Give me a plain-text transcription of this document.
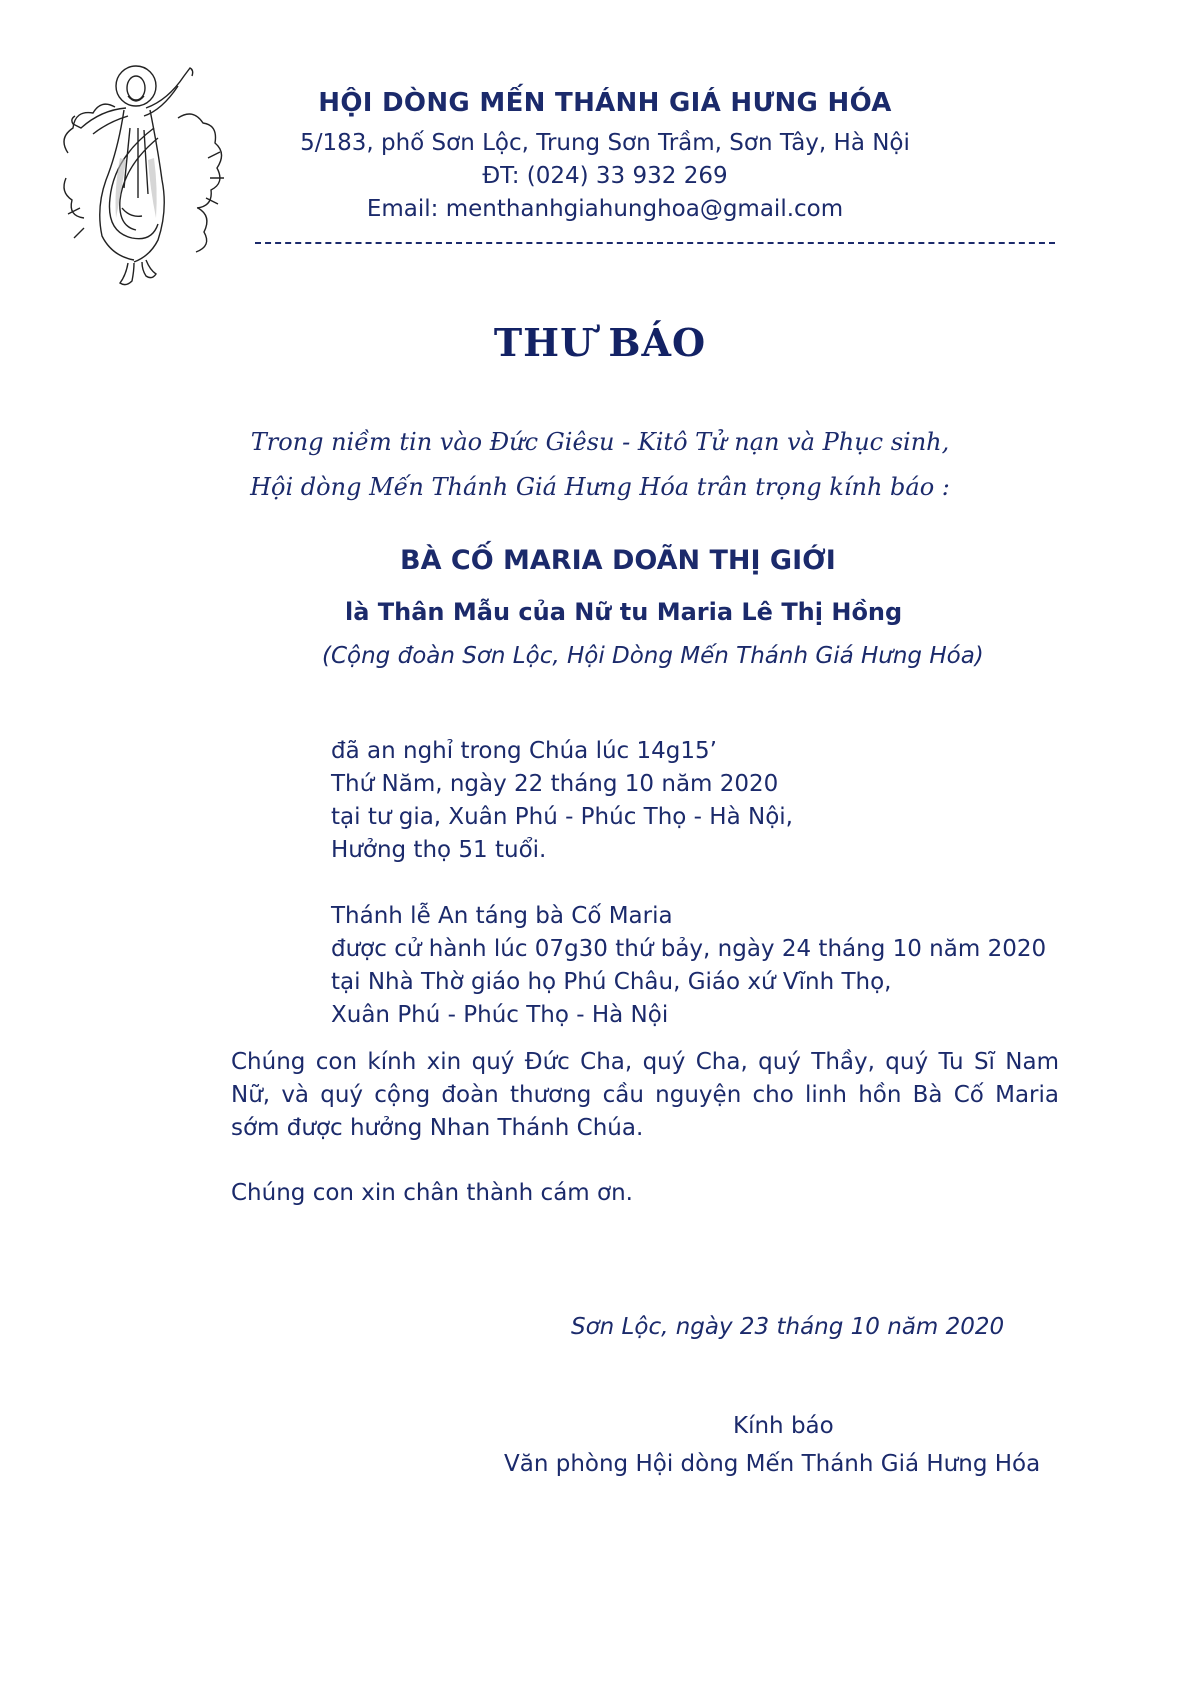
HỘI DÒNG MẾN THÁNH GIÁ HƯNG HÓA
5/183, phố Sơn Lộc, Trung Sơn Trầm, Sơn Tây, Hà Nội
ĐT: (024) 33 932 269
Email: menthanhgiahunghoa@gmail.com
THƯ BÁO
Trong niềm tin vào Đức Giêsu - Kitô Tử nạn và Phục sinh,
Hội dòng Mến Thánh Giá Hưng Hóa trân trọng kính báo :
BÀ CỐ MARIA DOÃN THỊ GIỚI
là Thân Mẫu của Nữ tu Maria Lê Thị Hồng
(Cộng đoàn Sơn Lộc, Hội Dòng Mến Thánh Giá Hưng Hóa)
đã an nghỉ trong Chúa lúc 14g15’
Thứ Năm, ngày 22 tháng 10 năm 2020
tại tư gia, Xuân Phú - Phúc Thọ - Hà Nội,
Hưởng thọ 51 tuổi.
Thánh lễ An táng bà Cố Maria
được cử hành lúc 07g30 thứ bảy, ngày 24 tháng 10 năm 2020
tại Nhà Thờ giáo họ Phú Châu, Giáo xứ Vĩnh Thọ,
Xuân Phú - Phúc Thọ - Hà Nội
Chúng con kính xin quý Đức Cha, quý Cha, quý Thầy, quý Tu Sĩ Nam Nữ, và quý cộng đoàn thương cầu nguyện cho linh hồn Bà Cố Maria sớm được hưởng Nhan Thánh Chúa.
Chúng con xin chân thành cám ơn.
Sơn Lộc, ngày 23 tháng 10 năm 2020
Kính báo
Văn phòng Hội dòng Mến Thánh Giá Hưng Hóa
